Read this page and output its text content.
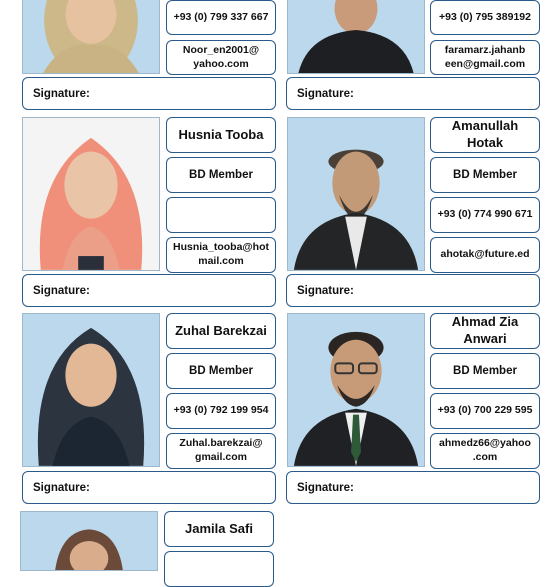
+93 (0) 799 337 667
Noor_en2001@ yahoo.com
Signature:
+93 (0) 795 389192
faramarz.jahanb een@gmail.com
Signature:
Husnia Tooba
BD Member
Husnia_tooba@hot mail.com
Signature:
Amanullah Hotak
BD Member
+93 (0) 774 990 671
ahotak@future.ed
Signature:
Zuhal Barekzai
BD Member
+93 (0) 792 199 954
Zuhal.barekzai@ gmail.com
Signature:
Ahmad Zia Anwari
BD Member
+93 (0) 700 229 595
ahmedz66@yahoo .com
Signature:
Jamila Safi
